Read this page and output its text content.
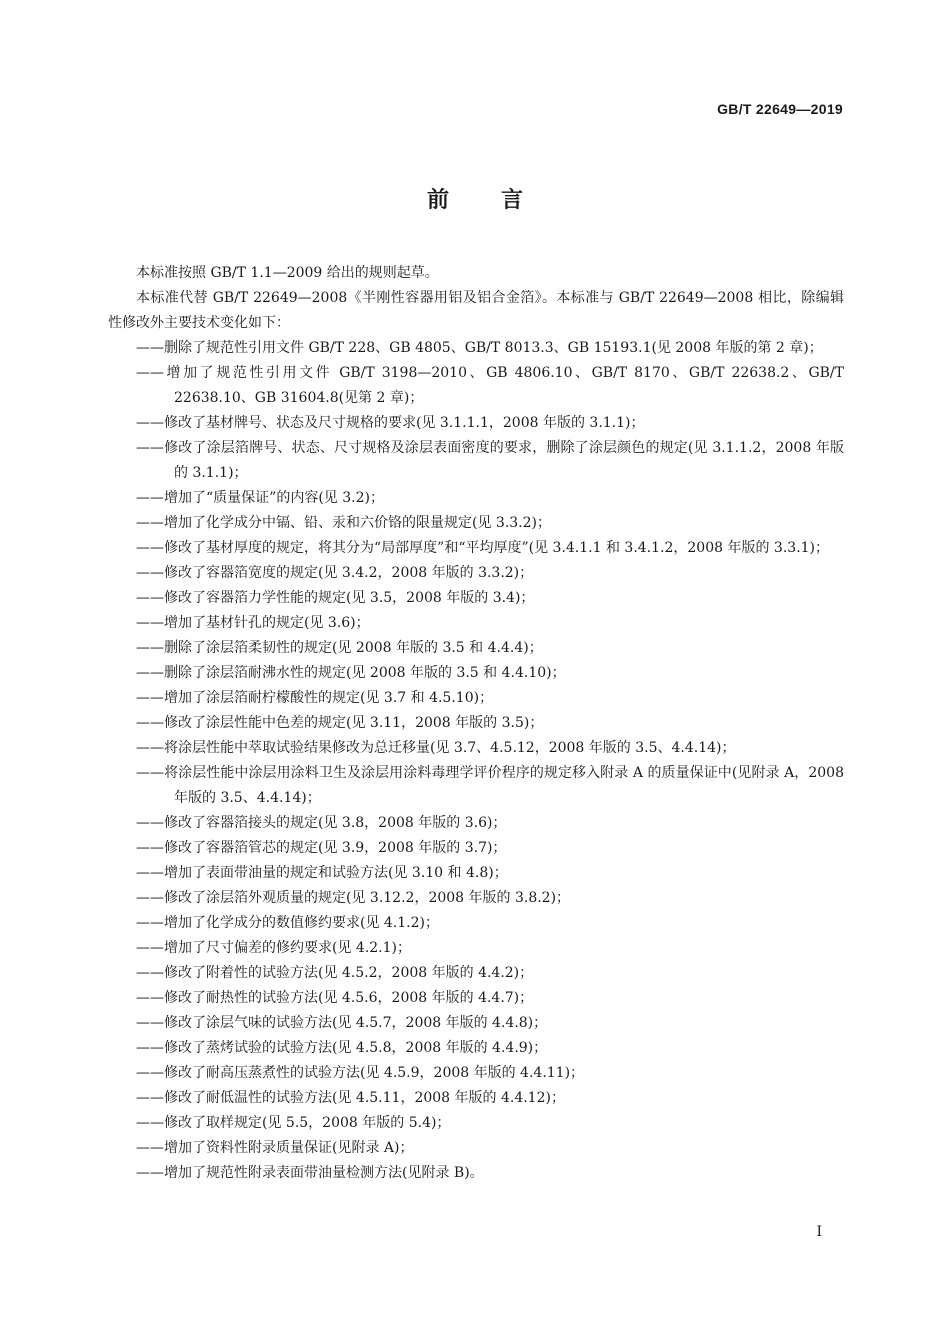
GB/T 22649—2019
前言

本标准按照 GB/T 1.1—2009 给出的规则起草。

本标准代替 GB/T 22649—2008《半刚性容器用铝及铝合金箔》。本标准与 GB/T 22649—2008 相比，除编辑性修改外主要技术变化如下：

——删除了规范性引用文件 GB/T 228、GB 4805、GB/T 8013.3、GB 15193.1(见 2008 年版的第 2 章)；
——增加了规范性引用文件 GB/T 3198—2010、GB 4806.10、GB/T 8170、GB/T 22638.2、GB/T 22638.10、GB 31604.8(见第 2 章)；
——修改了基材牌号、状态及尺寸规格的要求(见 3.1.1.1，2008 年版的 3.1.1)；
——修改了涂层箔牌号、状态、尺寸规格及涂层表面密度的要求，删除了涂层颜色的规定(见 3.1.1.2，2008 年版的 3.1.1)；
——增加了“质量保证”的内容(见 3.2)；
——增加了化学成分中镉、铅、汞和六价铬的限量规定(见 3.3.2)；
——修改了基材厚度的规定，将其分为“局部厚度”和“平均厚度”(见 3.4.1.1 和 3.4.1.2，2008 年版的 3.3.1)；
——修改了容器箔宽度的规定(见 3.4.2，2008 年版的 3.3.2)；
——修改了容器箔力学性能的规定(见 3.5，2008 年版的 3.4)；
——增加了基材针孔的规定(见 3.6)；
——删除了涂层箔柔韧性的规定(见 2008 年版的 3.5 和 4.4.4)；
——删除了涂层箔耐沸水性的规定(见 2008 年版的 3.5 和 4.4.10)；
——增加了涂层箔耐柠檬酸性的规定(见 3.7 和 4.5.10)；
——修改了涂层性能中色差的规定(见 3.11，2008 年版的 3.5)；
——将涂层性能中萃取试验结果修改为总迁移量(见 3.7、4.5.12，2008 年版的 3.5、4.4.14)；
——将涂层性能中涂层用涂料卫生及涂层用涂料毒理学评价程序的规定移入附录 A 的质量保证中(见附录 A，2008 年版的 3.5、4.4.14)；
——修改了容器箔接头的规定(见 3.8，2008 年版的 3.6)；
——修改了容器箔管芯的规定(见 3.9，2008 年版的 3.7)；
——增加了表面带油量的规定和试验方法(见 3.10 和 4.8)；
——修改了涂层箔外观质量的规定(见 3.12.2，2008 年版的 3.8.2)；
——增加了化学成分的数值修约要求(见 4.1.2)；
——增加了尺寸偏差的修约要求(见 4.2.1)；
——修改了附着性的试验方法(见 4.5.2，2008 年版的 4.4.2)；
——修改了耐热性的试验方法(见 4.5.6，2008 年版的 4.4.7)；
——修改了涂层气味的试验方法(见 4.5.7，2008 年版的 4.4.8)；
——修改了蒸烤试验的试验方法(见 4.5.8，2008 年版的 4.4.9)；
——修改了耐高压蒸煮性的试验方法(见 4.5.9，2008 年版的 4.4.11)；
——修改了耐低温性的试验方法(见 4.5.11，2008 年版的 4.4.12)；
——修改了取样规定(见 5.5，2008 年版的 5.4)；
——增加了资料性附录质量保证(见附录 A)；
——增加了规范性附录表面带油量检测方法(见附录 B)。
I
